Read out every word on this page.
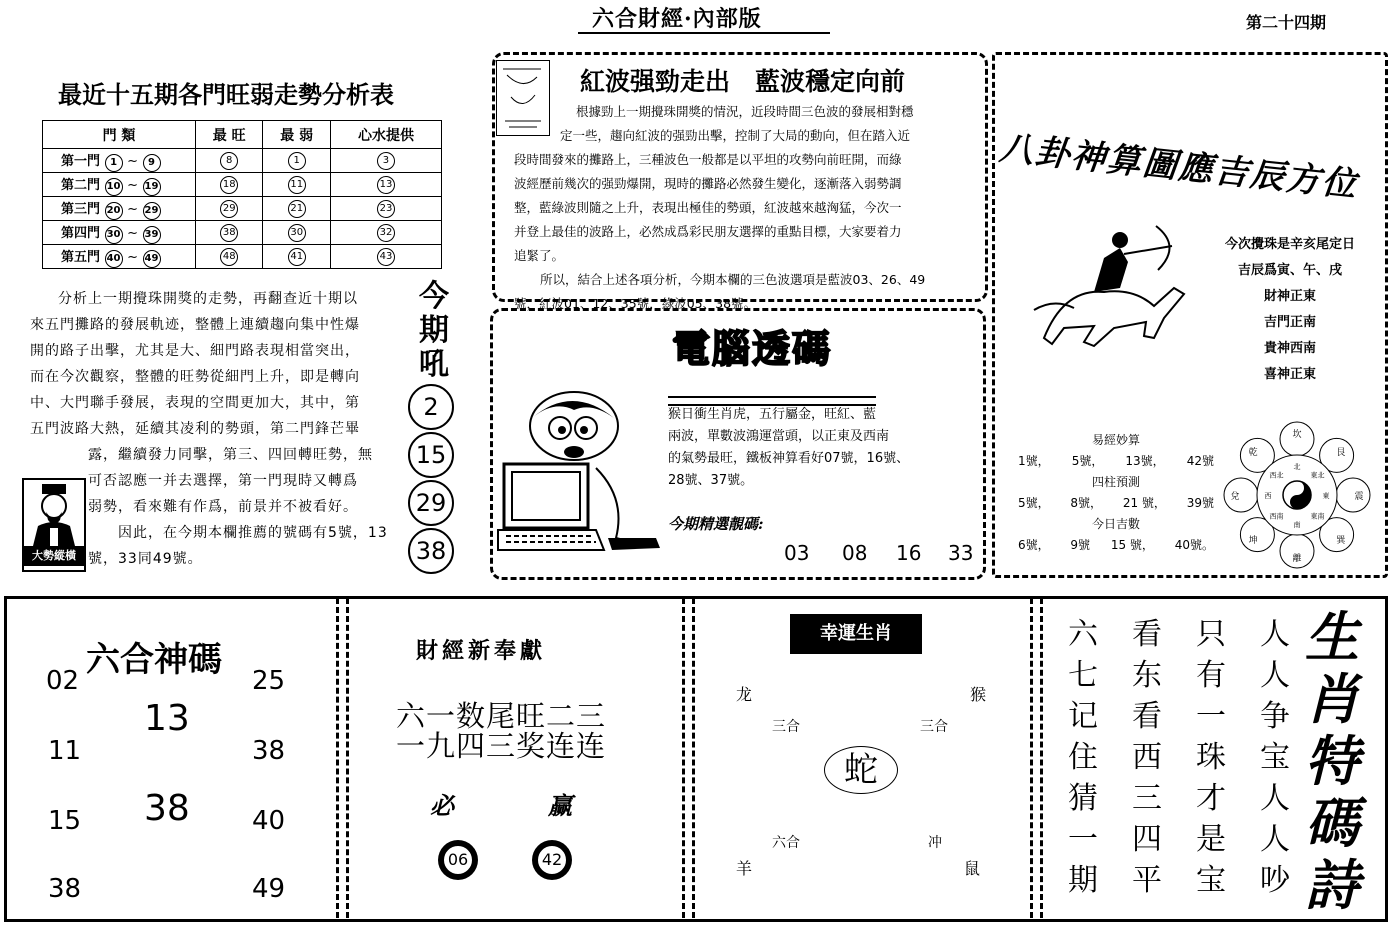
六合財經·內部版	第二十四期
最近十五期各門旺弱走勢分析表
門 類	最 旺	最 弱	心水提供
第一門 1 ~ 9	8	1	3
第二門 10 ~ 19	18	11	13
第三門 20 ~ 29	29	21	23
第四門 30 ~ 39	38	30	32
第五門 40 ~ 49	48	41	43
分析上一期攪珠開獎的走勢，再翻查近十期以
來五門攤路的發展軌迹，整體上連續趨向集中性爆
開的路子出擊，尤其是大、細門路表現相當突出，
而在今次觀察，整體的旺勢從細門上升，即是轉向
中、大門聯手發展，表現的空間更加大，其中，第
五門波路大熱，延續其凌利的勢頭，第二門鋒芒畢
露，繼續發力同擊，第三、四回轉旺勢，無
可否認應一并去選擇，第一門現時又轉爲
弱勢，看來難有作爲，前景并不被看好。
因此，在今期本欄推薦的號碼有5號，13
號，33同49號。
大勢縱橫
今期吼
2
15
29
38
紅波强勁走出　藍波穩定向前
根據勁上一期攪珠開獎的情況，近段時間三色波的發展相對穩
定一些，趨向紅波的强勁出擊，控制了大局的動向，但在踏入近
段時間發來的攤路上，三種波色一般都是以平坦的攻勢向前旺開，而綠
波經歷前幾次的强勁爆開，現時的攤路必然發生變化，逐漸落入弱勢調
整，藍綠波則隨之上升，表現出極佳的勢頭，紅波越來越洶猛，今次一
并登上最佳的波路上，必然成爲彩民朋友選擇的重點目標，大家要着力
追緊了。
所以，結合上述各項分析，今期本欄的三色波選項是藍波03、26、49
號，紅波01、12、35號，綠波05、38號。
電腦透碼
猴日衝生肖虎，五行屬金，旺紅、藍
兩波，單數波鴻運當頭，以正東及西南
的氣勢最旺，鐵板神算看好07號，16號、
28號、37號。
今期精選靚碼:
03 08 16 33
八卦神算圖應吉辰方位
今次攪珠是辛亥尾定日
吉辰爲寅、午、戌
財神正東
吉門正南
貴神西南
喜神正東
易經妙算
1號， 5號， 13號， 42號
四柱預測
5號， 8號， 21 號， 39號
今日吉數
6號， 9號 15 號， 40號。
坎
艮
震
巽
離
坤
兌
乾
北
東北
東
東南
南
西南
西
西北
六合神碼
02	25
13
11	38
15 38 40
38	49
財經新奉獻
六一数尾旺二三
一九四三奖连连
必	赢
06	42
幸運生肖
龙	猴
三合	三合
蛇
六合	冲
羊	鼠
六七记住猜一期
看东看西三四平
只有一珠才是宝
人人争宝人人吵
生肖特碼詩
